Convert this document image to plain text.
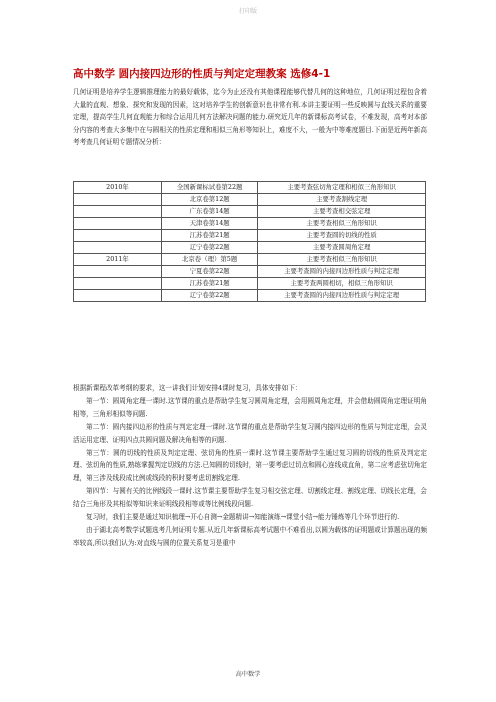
打印版
高中数学 圆内接四边形的性质与判定定理教案 选修4-1
几何证明是培养学生逻辑推理能力的最好载体，迄今为止还没有其他课程能够代替几何的这种地位，几何证明过程包含着大量的直观、想象、探究和发现的因素，这对培养学生的创新意识也非常有利.本讲主要证明一些反映圆与直线关系的重要定理，提高学生几何直观能力和综合运用几何方法解决问题的能力.研究近几年的新课标高考试卷，不难发现，高考对本部分内容的考查大多集中在与圆相关的性质定理和相似三角形等知识上，难度不大，一般为中等难度题目.下面是近两年新高考考查几何证明专题情况分析：
2010年	全国新课标试卷第22题	主要考查弦切角定理和相似三角形知识
	北京卷第12题	主要考查割线定理
	广东卷第14题	主要考查相交弦定理
	天津卷第14题	主要考查相似三角形知识
	江苏卷第21题	主要考查圆的切线的性质
	辽宁卷第22题	主要考查圆周角定理
2011年	北京卷（理）第5题	主要考查相似三角形知识
	宁夏卷第22题	主要考查圆的内接四边形性质与判定定理
	江苏卷第21题	主要考查两圆相切，相似三角形知识
	辽宁卷第22题	主要考查圆的内接四边形性质与判定定理

根据新课程改革考纲的要求，这一讲我们计划安排4课时复习，具体安排如下：

第一节：圆周角定理一课时.这节课的重点是帮助学生复习圆周角定理，会用圆周角定理，并会借助圆周角定理证明角相等，三角形相似等问题.

第二节：圆内接四边形的性质与判定定理一课时.这节课的重点是帮助学生复习圆内接四边形的性质与判定定理，会灵活运用定理、证明四点共圆问题及解决角相等的问题.

第三节：圆的切线的性质及判定定理、弦切角的性质一课时.这节课主要帮助学生通过复习圆的切线的性质及判定定理、弦切角的性质,熟练掌握判定切线的方法.已知圆的切线时，第一要考虑过切点和圆心连线成直角，第二应考虑弦切角定理，第三涉及线段成比例或线段的积时要考虑切割线定理.

第四节：与圆有关的比例线段一课时.这节课主要帮助学生复习相交弦定理、切割线定理、割线定理、切线长定理，会结合三角形及其相似等知识来证明线段相等或等比例线段问题.

复习时，我们主要是通过知识梳理→开心自测→金题精讲→知能演练→课堂小结→能力锤炼等几个环节进行的.

由于湖北高考数学试题选考几何证明专题.从近几年新课标高考试题中不难看出,以圆为载体的证明题或计算题出现的频率较高,所以我们认为:对直线与圆的位置关系复习是重中

高中数学
